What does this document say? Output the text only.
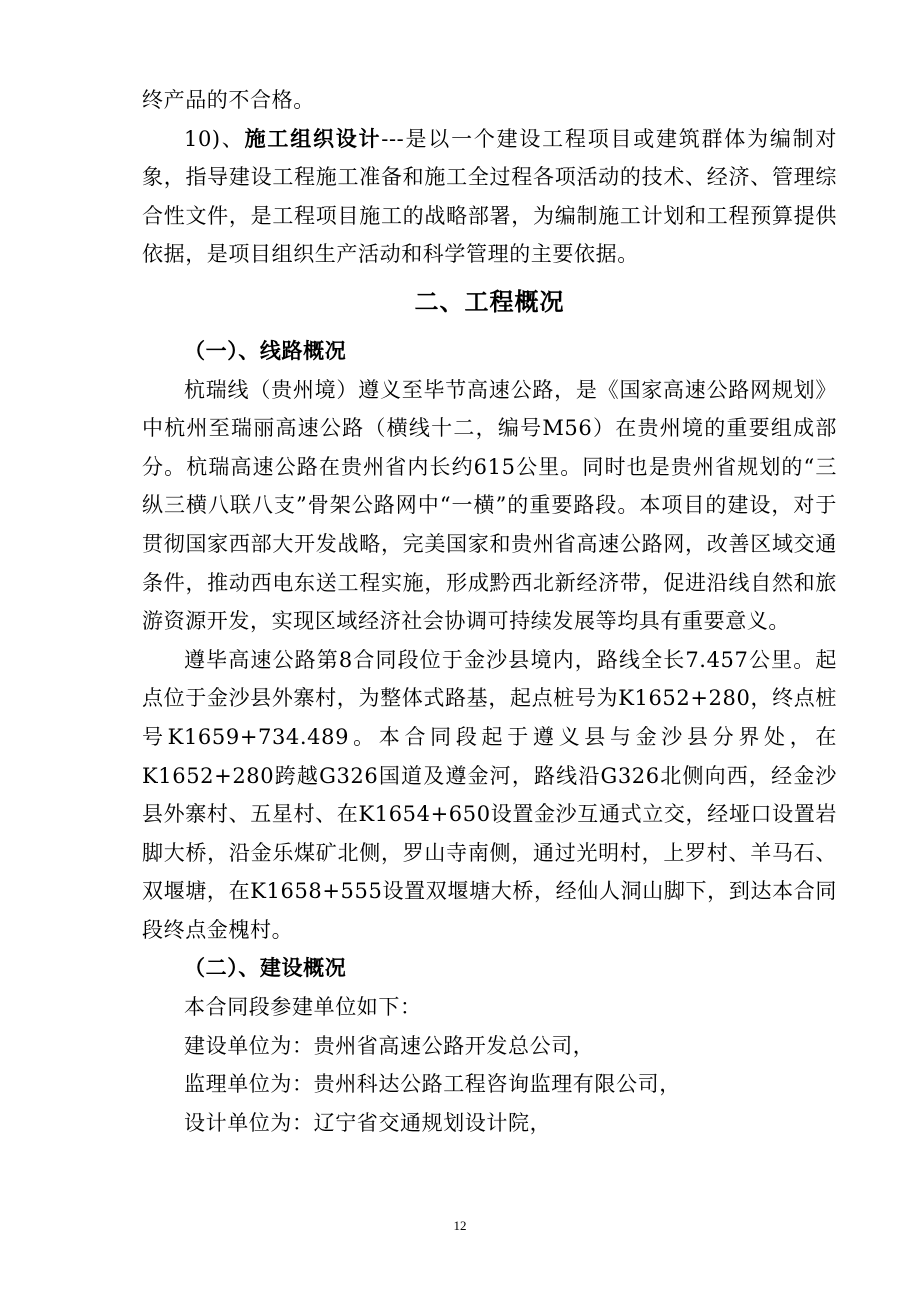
终产品的不合格。

10)、施工组织设计---是以一个建设工程项目或建筑群体为编制对象，指导建设工程施工准备和施工全过程各项活动的技术、经济、管理综合性文件，是工程项目施工的战略部署，为编制施工计划和工程预算提供依据，是项目组织生产活动和科学管理的主要依据。

二、工程概况
（一）、线路概况

杭瑞线（贵州境）遵义至毕节高速公路，是《国家高速公路网规划》中杭州至瑞丽高速公路（横线十二，编号M56）在贵州境的重要组成部分。杭瑞高速公路在贵州省内长约615公里。同时也是贵州省规划的“三纵三横八联八支”骨架公路网中“一横”的重要路段。本项目的建设，对于贯彻国家西部大开发战略，完美国家和贵州省高速公路网，改善区域交通条件，推动西电东送工程实施，形成黔西北新经济带，促进沿线自然和旅游资源开发，实现区域经济社会协调可持续发展等均具有重要意义。

遵毕高速公路第8合同段位于金沙县境内，路线全长7.457公里。起点位于金沙县外寨村，为整体式路基，起点桩号为K1652+280，终点桩号K1659+734.489。本合同段起于遵义县与金沙县分界处，在K1652+280跨越G326国道及遵金河，路线沿G326北侧向西，经金沙县外寨村、五星村、在K1654+650设置金沙互通式立交，经垭口设置岩脚大桥，沿金乐煤矿北侧，罗山寺南侧，通过光明村，上罗村、羊马石、双堰塘，在K1658+555设置双堰塘大桥，经仙人洞山脚下，到达本合同段终点金槐村。

（二）、建设概况

本合同段参建单位如下：

建设单位为：贵州省高速公路开发总公司，

监理单位为：贵州科达公路工程咨询监理有限公司，

设计单位为：辽宁省交通规划设计院，

12
